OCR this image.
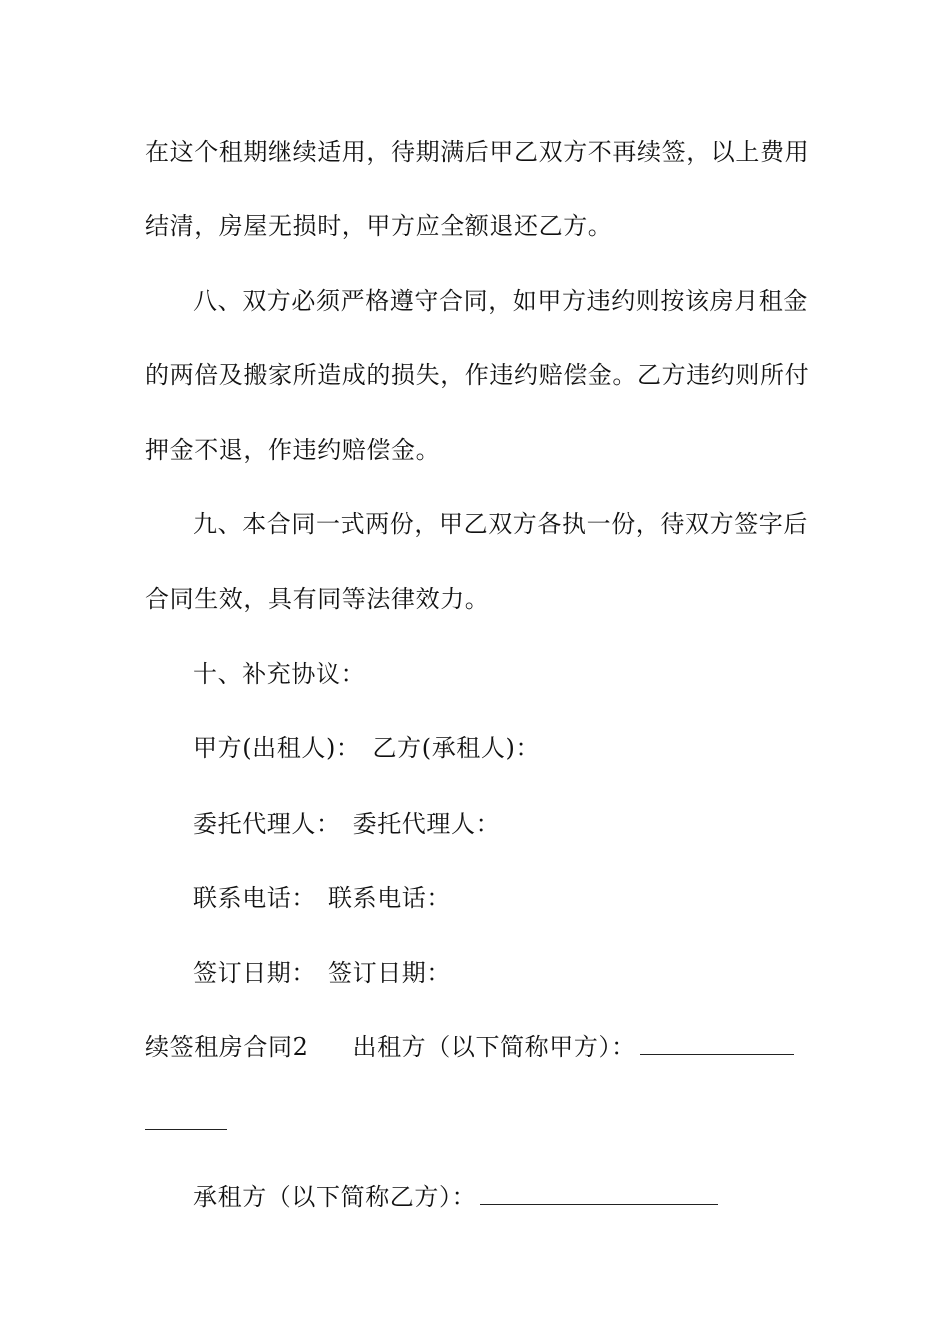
在这个租期继续适用，待期满后甲乙双方不再续签，以上费用
结清，房屋无损时，甲方应全额退还乙方。
八、双方必须严格遵守合同，如甲方违约则按该房月租金
的两倍及搬家所造成的损失，作违约赔偿金。乙方违约则所付
押金不退，作违约赔偿金。
九、本合同一式两份，甲乙双方各执一份，待双方签字后
合同生效，具有同等法律效力。
十、补充协议：
甲方(出租人)： 乙方(承租人)：
委托代理人： 委托代理人：
联系电话： 联系电话：
签订日期： 签订日期：
续签租房合同2 出租方（以下简称甲方）：
承租方（以下简称乙方）：
